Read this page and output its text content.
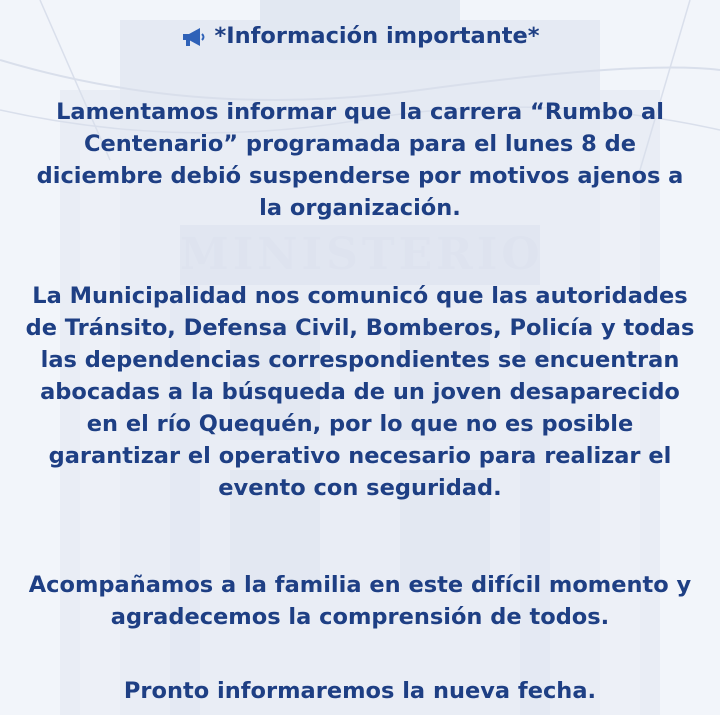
*Información importante*

Lamentamos informar que la carrera “Rumbo al Centenario” programada para el lunes 8 de diciembre debió suspenderse por motivos ajenos a la organización.

La Municipalidad nos comunicó que las autoridades de Tránsito, Defensa Civil, Bomberos, Policía y todas las dependencias correspondientes se encuentran abocadas a la búsqueda de un joven desaparecido en el río Quequén, por lo que no es posible garantizar el operativo necesario para realizar el evento con seguridad.

Acompañamos a la familia en este difícil momento y agradecemos la comprensión de todos.

Pronto informaremos la nueva fecha.
